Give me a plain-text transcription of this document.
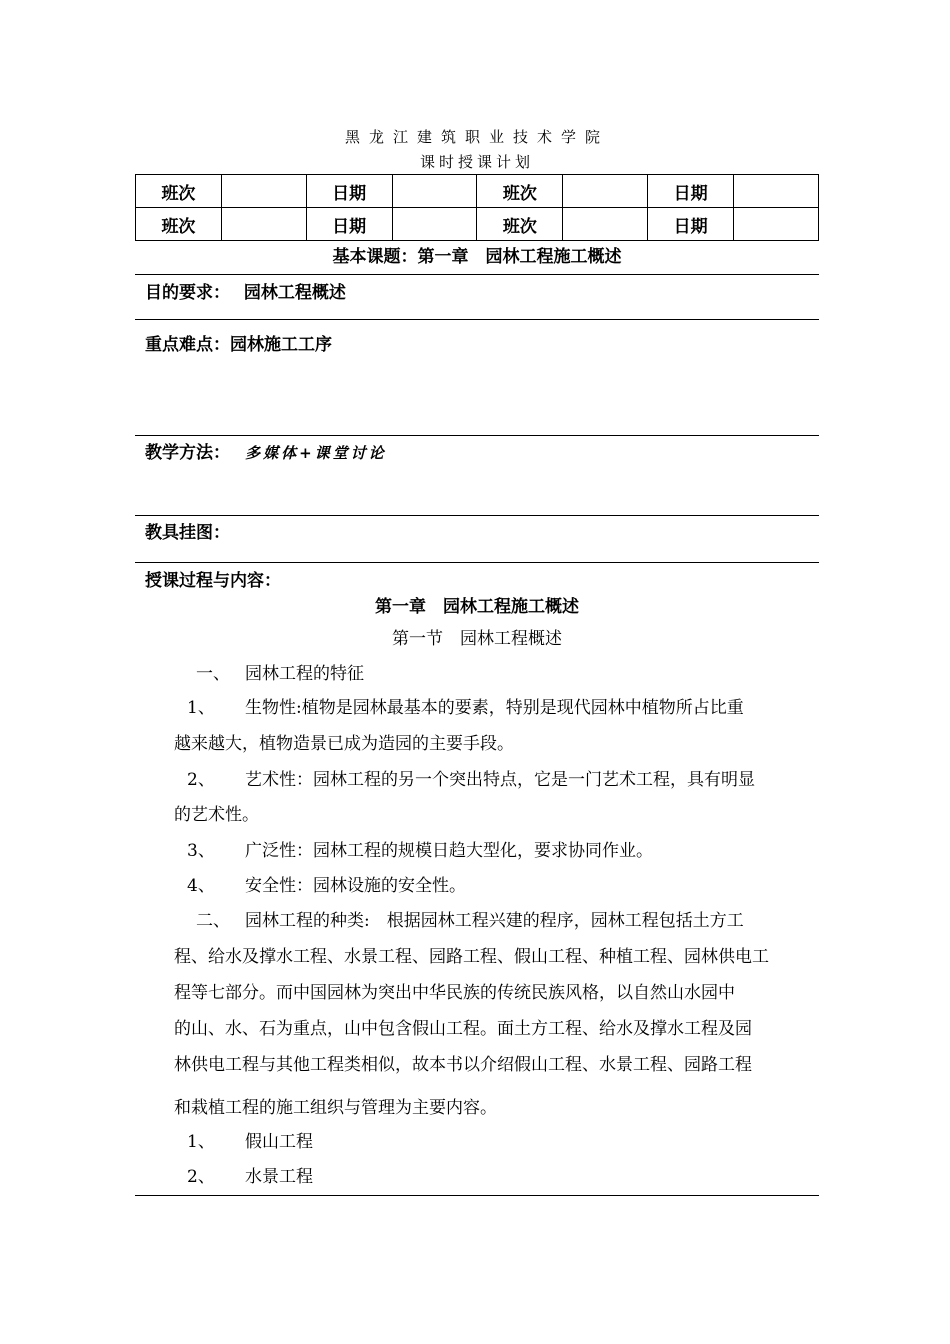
黑龙江建筑职业技术学院
课时授课计划
班次		日期		班次		日期	
班次		日期		班次		日期	
基本课题：第一章　园林工程施工概述
目的要求： 园林工程概述
重点难点：园林施工工序
教学方法： 多媒体+课堂讨论
教具挂图：
授课过程与内容：
第一章　园林工程施工概述
第一节　园林工程概述
一、 园林工程的特征
1、 生物性:植物是园林最基本的要素，特别是现代园林中植物所占比重
越来越大，植物造景已成为造园的主要手段。
2、 艺术性：园林工程的另一个突出特点，它是一门艺术工程，具有明显
的艺术性。
3、 广泛性：园林工程的规模日趋大型化，要求协同作业。
4、 安全性：园林设施的安全性。
二、 园林工程的种类:　根据园林工程兴建的程序，园林工程包括土方工
程、给水及撑水工程、水景工程、园路工程、假山工程、种植工程、园林供电工
程等七部分。而中国园林为突出中华民族的传统民族风格，以自然山水园中
的山、水、石为重点，山中包含假山工程。面土方工程、给水及撑水工程及园
林供电工程与其他工程类相似，故本书以介绍假山工程、水景工程、园路工程
和栽植工程的施工组织与管理为主要内容。
1、 假山工程
2、 水景工程
